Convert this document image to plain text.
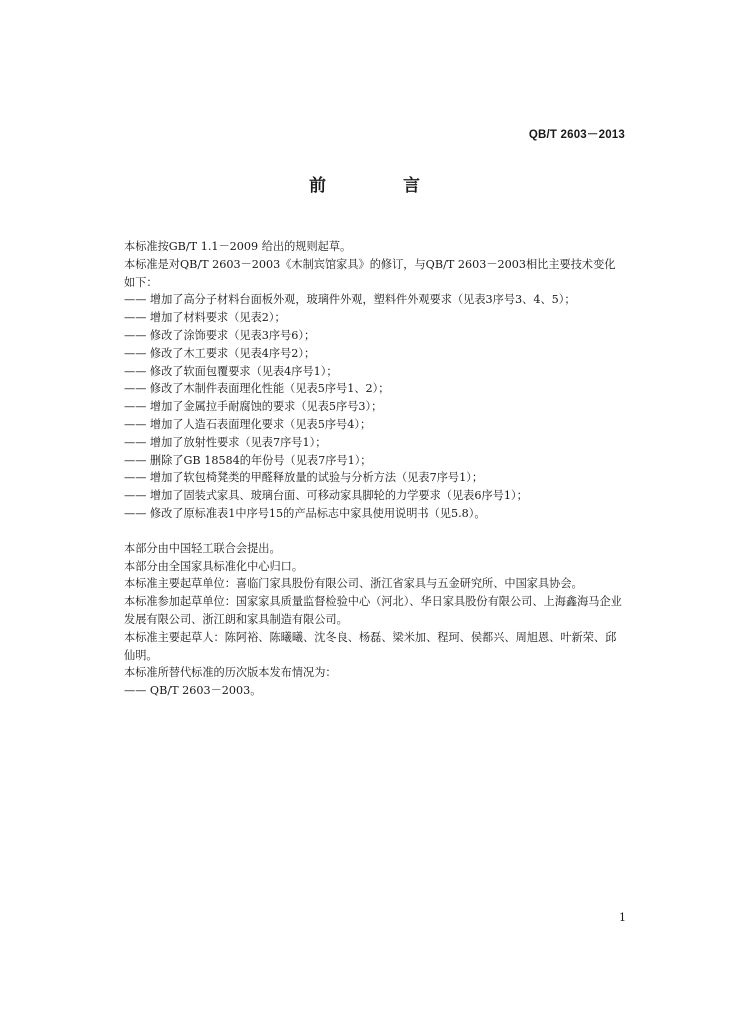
QB/T 2603－2013
前　言

本标准按GB/T 1.1－2009 给出的规则起草。

本标准是对QB/T 2603－2003《木制宾馆家具》的修订，与QB/T 2603－2003相比主要技术变化如下：

—— 增加了高分子材料台面板外观，玻璃件外观，塑料件外观要求（见表3序号3、4、5）；
—— 增加了材料要求（见表2）；
—— 修改了涂饰要求（见表3序号6）；
—— 修改了木工要求（见表4序号2）；
—— 修改了软面包覆要求（见表4序号1）；
—— 修改了木制件表面理化性能（见表5序号1、2）；
—— 增加了金属拉手耐腐蚀的要求（见表5序号3）；
—— 增加了人造石表面理化要求（见表5序号4）；
—— 增加了放射性要求（见表7序号1）；
—— 删除了GB 18584的年份号（见表7序号1）；
—— 增加了软包椅凳类的甲醛释放量的试验与分析方法（见表7序号1）；
—— 增加了固装式家具、玻璃台面、可移动家具脚轮的力学要求（见表6序号1）；
—— 修改了原标准表1中序号15的产品标志中家具使用说明书（见5.8）。

本部分由中国轻工联合会提出。

本部分由全国家具标准化中心归口。

本标准主要起草单位：喜临门家具股份有限公司、浙江省家具与五金研究所、中国家具协会。

本标准参加起草单位：国家家具质量监督检验中心（河北）、华日家具股份有限公司、上海鑫海马企业发展有限公司、浙江朗和家具制造有限公司。

本标准主要起草人：陈阿裕、陈曦曦、沈冬良、杨磊、梁米加、程珂、侯都兴、周旭恩、叶新荣、邱仙明。

本标准所替代标准的历次版本发布情况为：

—— QB/T 2603－2003。
1
